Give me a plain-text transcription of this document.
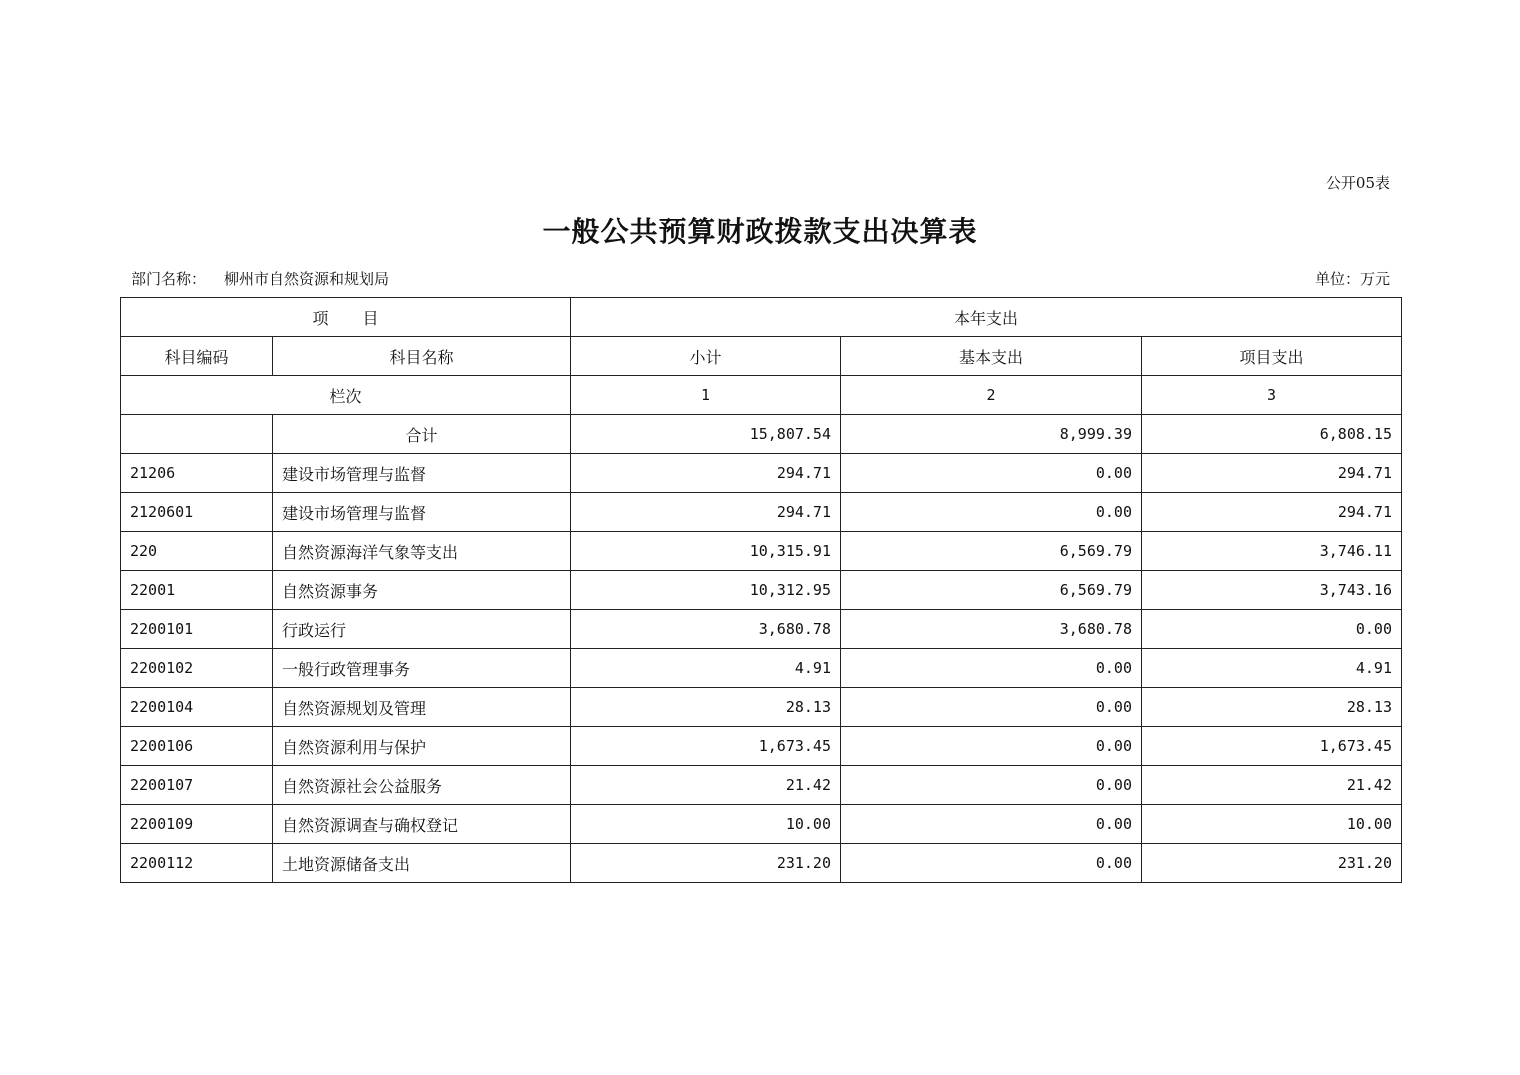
公开05表
一般公共预算财政拨款支出决算表
部门名称： 柳州市自然资源和规划局	单位：万元
项 目		本年支出		
科目编码	科目名称	小计	基本支出	项目支出
栏次		1	2	3
	合计	15,807.54	8,999.39	6,808.15
21206	建设市场管理与监督	294.71	0.00	294.71
2120601	建设市场管理与监督	294.71	0.00	294.71
220	自然资源海洋气象等支出	10,315.91	6,569.79	3,746.11
22001	自然资源事务	10,312.95	6,569.79	3,743.16
2200101	行政运行	3,680.78	3,680.78	0.00
2200102	一般行政管理事务	4.91	0.00	4.91
2200104	自然资源规划及管理	28.13	0.00	28.13
2200106	自然资源利用与保护	1,673.45	0.00	1,673.45
2200107	自然资源社会公益服务	21.42	0.00	21.42
2200109	自然资源调查与确权登记	10.00	0.00	10.00
2200112	土地资源储备支出	231.20	0.00	231.20
